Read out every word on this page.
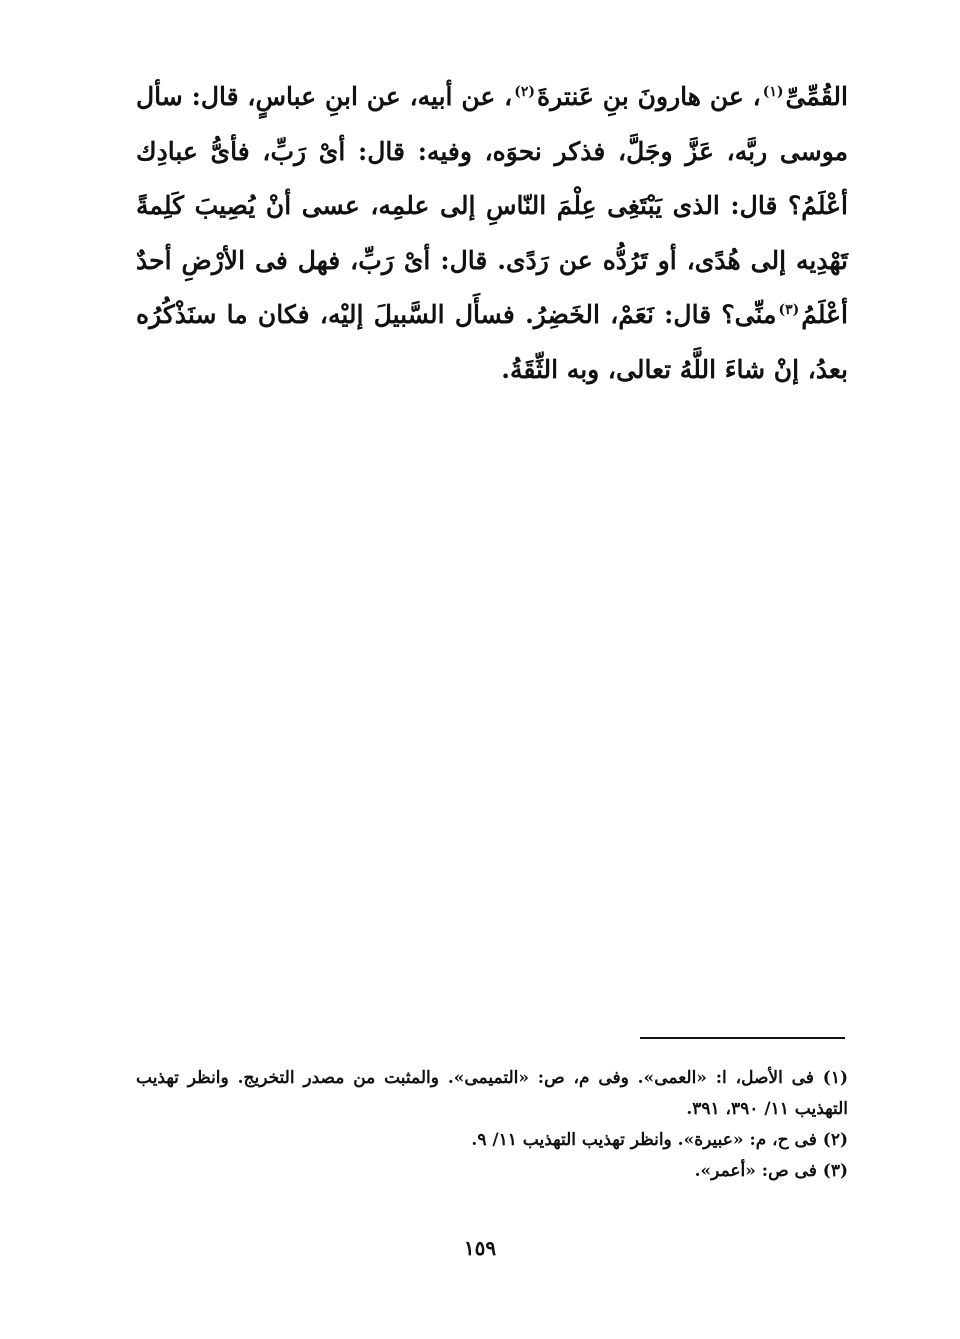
القُمِّىِّ$^{(١)}$، عن هارونَ بنِ عَنترةَ$^{(٢)}$، عن أبيه، عن ابنِ عباسٍ، قال: سأل موسى ربَّه، عَزَّ وجَلَّ، فذكر نحوَه، وفيه: قال: أىْ رَبِّ، فأىُّ عبادِك أعْلَمُ؟ قال: الذى يَبْتَغِى عِلْمَ النّاسِ إلى علمِه، عسى أنْ يُصِيبَ كَلِمةً تَهْدِيه إلى هُدًى، أو تَرُدُّه عن رَدًى. قال: أىْ رَبِّ، فهل فى الأرْضِ أحدٌ أعْلَمُ$^{(٣)}$منِّى؟ قال: نَعَمْ، الخَضِرُ. فسأَل السَّبيلَ إليْه، فكان ما سنَذْكُرُه بعدُ، إنْ شاءَ اللَّهُ تعالى، وبه الثِّقَةُ.

(١) فى الأصل، ا: «العمى». وفى م، ص: «التميمى». والمثبت من مصدر التخريج. وانظر تهذيب التهذيب ١١/ ٣٩٠، ٣٩١.

(٢) فى ح، م: «عبيرة». وانظر تهذيب التهذيب ١١/ ٩.

(٣) فى ص: «أعمر».

١٥٩
